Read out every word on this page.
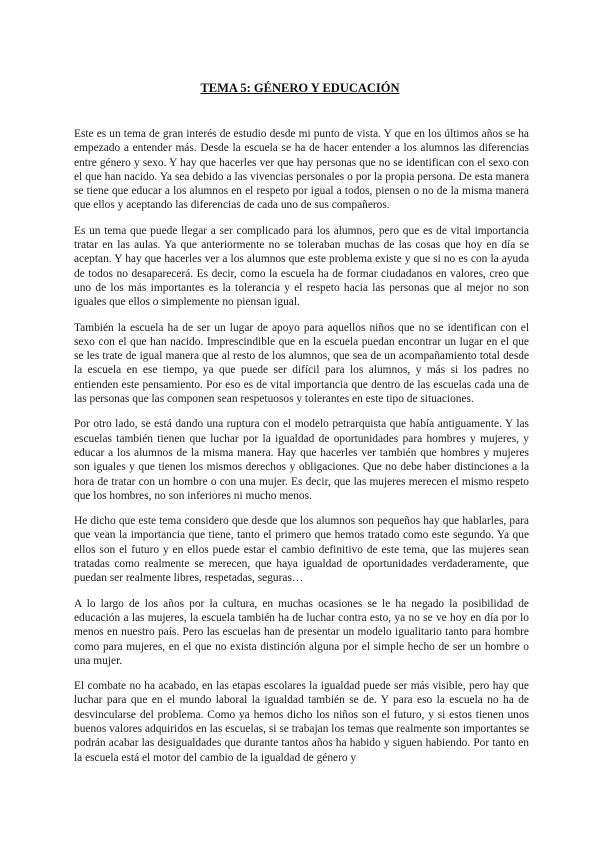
TEMA 5: GÉNERO Y EDUCACIÓN

Este es un tema de gran interés de estudio desde mi punto de vista. Y que en los últimos años se ha empezado a entender más. Desde la escuela se ha de hacer entender a los alumnos las diferencias entre género y sexo. Y hay que hacerles ver que hay personas que no se identifican con el sexo con el que han nacido. Ya sea debido a las vivencias personales o por la propia persona. De esta manera se tiene que educar a los alumnos en el respeto por igual a todos, piensen o no de la misma manera que ellos y aceptando las diferencias de cada uno de sus compañeros.

Es un tema que puede llegar a ser complicado para los alumnos, pero que es de vital importancia tratar en las aulas. Ya que anteriormente no se toleraban muchas de las cosas que hoy en día se aceptan. Y hay que hacerles ver a los alumnos que este problema existe y que si no es con la ayuda de todos no desaparecerá. Es decir, como la escuela ha de formar ciudadanos en valores, creo que uno de los más importantes es la tolerancia y el respeto hacia las personas que al mejor no son iguales que ellos o simplemente no piensan igual.

También la escuela ha de ser un lugar de apoyo para aquellos niños que no se identifican con el sexo con el que han nacido. Imprescindible que en la escuela puedan encontrar un lugar en el que se les trate de igual manera que al resto de los alumnos, que sea de un acompañamiento total desde la escuela en ese tiempo, ya que puede ser difícil para los alumnos, y más si los padres no entienden este pensamiento. Por eso es de vital importancia que dentro de las escuelas cada una de las personas que las componen sean respetuosos y tolerantes en este tipo de situaciones.

Por otro lado, se está dando una ruptura con el modelo petrarquista que había antiguamente. Y las escuelas también tienen que luchar por la igualdad de oportunidades para hombres y mujeres, y educar a los alumnos de la misma manera. Hay que hacerles ver también que hombres y mujeres son iguales y que tienen los mismos derechos y obligaciones. Que no debe haber distinciones a la hora de tratar con un hombre o con una mujer. Es decir, que las mujeres merecen el mismo respeto que los hombres, no son inferiores ni mucho menos.

He dicho que este tema considero que desde que los alumnos son pequeños hay que hablarles, para que vean la importancia que tiene, tanto el primero que hemos tratado como este segundo. Ya que ellos son el futuro y en ellos puede estar el cambio definitivo de este tema, que las mujeres sean tratadas como realmente se merecen, que haya igualdad de oportunidades verdaderamente, que puedan ser realmente libres, respetadas, seguras…

A lo largo de los años por la cultura, en muchas ocasiones se le ha negado la posibilidad de educación a las mujeres, la escuela también ha de luchar contra esto, ya no se ve hoy en día por lo menos en nuestro país. Pero las escuelas han de presentar un modelo igualitario tanto para hombre como para mujeres, en el que no exista distinción alguna por el simple hecho de ser un hombre o una mujer.

El combate no ha acabado, en las etapas escolares la igualdad puede ser más visible, pero hay que luchar para que en el mundo laboral la igualdad también se de. Y para eso la escuela no ha de desvincularse del problema. Como ya hemos dicho los niños son el futuro, y si estos tienen unos buenos valores adquiridos en las escuelas, si se trabajan los temas que realmente son importantes se podrán acabar las desigualdades que durante tantos años ha habido y siguen habiendo. Por tanto en la escuela está el motor del cambio de la igualdad de género y
